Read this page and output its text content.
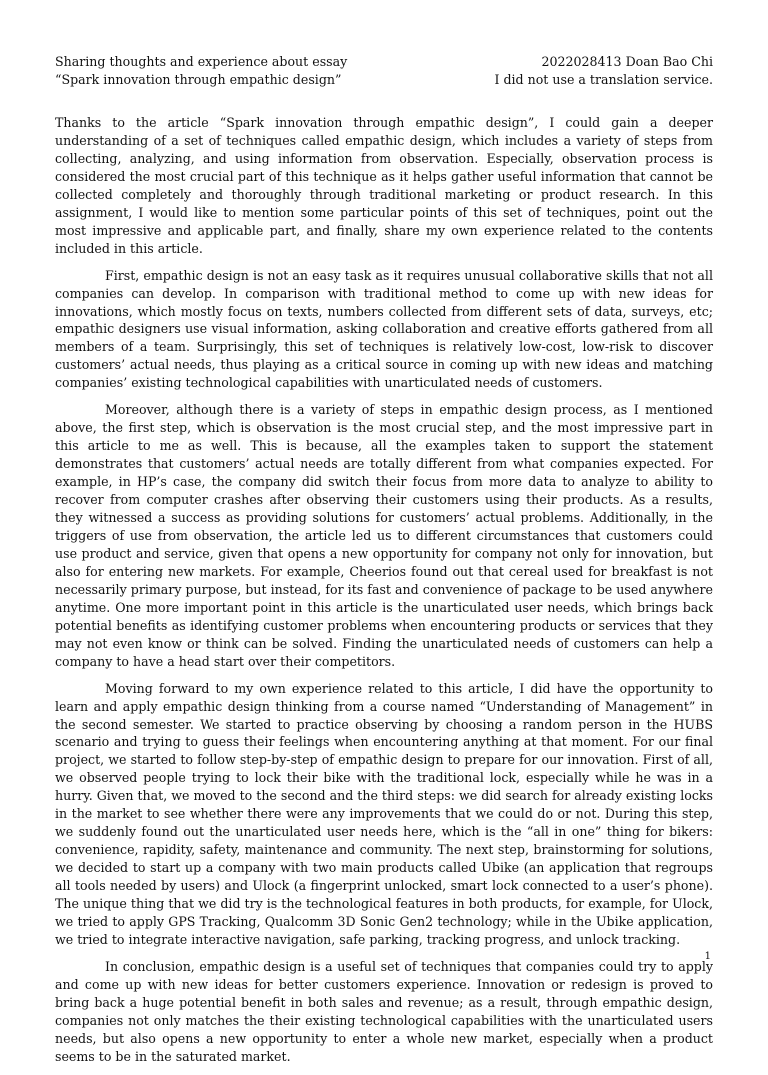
Sharing thoughts and experience about essay	2022028413 Doan Bao Chi
“Spark innovation through empathic design”	I did not use a translation service.

Thanks to the article “Spark innovation through empathic design”, I could gain a deeper understanding of a set of techniques called empathic design, which includes a variety of steps from collecting, analyzing, and using information from observation. Especially, observation process is considered the most crucial part of this technique as it helps gather useful information that cannot be collected completely and thoroughly through traditional marketing or product research. In this assignment, I would like to mention some particular points of this set of techniques, point out the most impressive and applicable part, and finally, share my own experience related to the contents included in this article.

First, empathic design is not an easy task as it requires unusual collaborative skills that not all companies can develop. In comparison with traditional method to come up with new ideas for innovations, which mostly focus on texts, numbers collected from different sets of data, surveys, etc; empathic designers use visual information, asking collaboration and creative efforts gathered from all members of a team. Surprisingly, this set of techniques is relatively low-cost, low-risk to discover customers’ actual needs, thus playing as a critical source in coming up with new ideas and matching companies’ existing technological capabilities with unarticulated needs of customers.

Moreover, although there is a variety of steps in empathic design process, as I mentioned above, the first step, which is observation is the most crucial step, and the most impressive part in this article to me as well. This is because, all the examples taken to support the statement demonstrates that customers’ actual needs are totally different from what companies expected. For example, in HP’s case, the company did switch their focus from more data to analyze to ability to recover from computer crashes after observing their customers using their products. As a results, they witnessed a success as providing solutions for customers’ actual problems. Additionally, in the triggers of use from observation, the article led us to different circumstances that customers could use product and service, given that opens a new opportunity for company not only for innovation, but also for entering new markets. For example, Cheerios found out that cereal used for breakfast is not necessarily primary purpose, but instead, for its fast and convenience of package to be used anywhere anytime. One more important point in this article is the unarticulated user needs, which brings back potential benefits as identifying customer problems when encountering products or services that they may not even know or think can be solved. Finding the unarticulated needs of customers can help a company to have a head start over their competitors.

Moving forward to my own experience related to this article, I did have the opportunity to learn and apply empathic design thinking from a course named “Understanding of Management” in the second semester. We started to practice observing by choosing a random person in the HUBS scenario and trying to guess their feelings when encountering anything at that moment. For our final project, we started to follow step-by-step of empathic design to prepare for our innovation. First of all, we observed people trying to lock their bike with the traditional lock, especially while he was in a hurry. Given that, we moved to the second and the third steps: we did search for already existing locks in the market to see whether there were any improvements that we could do or not. During this step, we suddenly found out the unarticulated user needs here, which is the “all in one” thing for bikers: convenience, rapidity, safety, maintenance and community. The next step, brainstorming for solutions, we decided to start up a company with two main products called Ubike (an application that regroups all tools needed by users) and Ulock (a fingerprint unlocked, smart lock connected to a user’s phone). The unique thing that we did try is the technological features in both products, for example, for Ulock, we tried to apply GPS Tracking, Qualcomm 3D Sonic Gen2 technology; while in the Ubike application, we tried to integrate interactive navigation, safe parking, tracking progress, and unlock tracking.

In conclusion, empathic design is a useful set of techniques that companies could try to apply and come up with new ideas for better customers experience. Innovation or redesign is proved to bring back a huge potential benefit in both sales and revenue; as a result, through empathic design, companies not only matches the their existing technological capabilities with the unarticulated users needs, but also opens a new opportunity to enter a whole new market, especially when a product seems to be in the saturated market.

1
